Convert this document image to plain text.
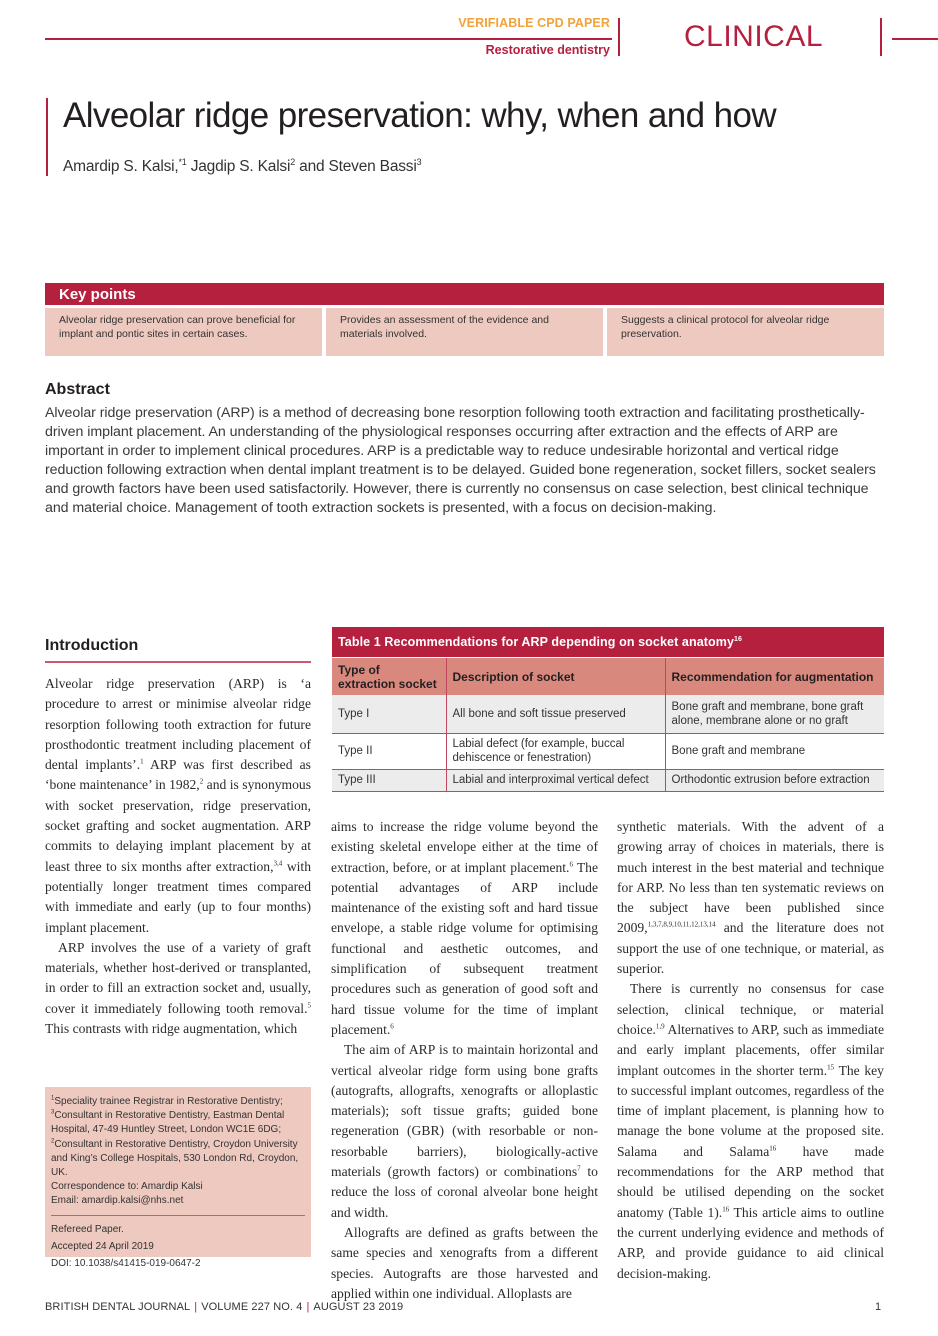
VERIFIABLE CPD PAPER
Restorative dentistry CLINICAL
Alveolar ridge preservation: why, when and how
Amardip S. Kalsi,$^{*1}$ Jagdip S. Kalsi$^2$ and Steven Bassi$^3$
Key points
Alveolar ridge preservation can prove beneficial for implant and pontic sites in certain cases.
Provides an assessment of the evidence and materials involved.
Suggests a clinical protocol for alveolar ridge preservation.
Abstract

Alveolar ridge preservation (ARP) is a method of decreasing bone resorption following tooth extraction and facilitating prosthetically-driven implant placement. An understanding of the physiological responses occurring after extraction and the effects of ARP are important in order to implement clinical procedures. ARP is a predictable way to reduce undesirable horizontal and vertical ridge reduction following extraction when dental implant treatment is to be delayed. Guided bone regeneration, socket fillers, socket sealers and growth factors have been used satisfactorily. However, there is currently no consensus on case selection, best clinical technique and material choice. Management of tooth extraction sockets is presented, with a focus on decision-making.

Introduction

Alveolar ridge preservation (ARP) is ‘a procedure to arrest or minimise alveolar ridge resorption following tooth extraction for future prosthodontic treatment including placement of dental implants’.$^1$ ARP was first described as ‘bone maintenance’ in 1982,$^2$ and is synonymous with socket preservation, ridge preservation, socket grafting and socket augmentation. ARP commits to delaying implant placement by at least three to six months after extraction,$^{3,4}$ with potentially longer treatment times compared with immediate and early (up to four months) implant placement.

ARP involves the use of a variety of graft materials, whether host-derived or transplanted, in order to fill an extraction socket and, usually, cover it immediately following tooth removal.$^5$ This contrasts with ridge augmentation, which

$^1$Speciality trainee Registrar in Restorative Dentistry;
$^3$Consultant in Restorative Dentistry, Eastman Dental Hospital, 47-49 Huntley Street, London WC1E 6DG;
$^2$Consultant in Restorative Dentistry, Croydon University and King’s College Hospitals, 530 London Rd, Croydon, UK.
Correspondence to: Amardip Kalsi
Email: amardip.kalsi@nhs.net
Refereed Paper.
Accepted 24 April 2019
DOI: 10.1038/s41415-019-0647-2
Table 1 Recommendations for ARP depending on socket anatomy$^{16}$
Type of extraction socket	Description of socket	Recommendation for augmentation
Type I	All bone and soft tissue preserved	Bone graft and membrane, bone graft alone, membrane alone or no graft
Type II	Labial defect (for example, buccal dehiscence or fenestration)	Bone graft and membrane
Type III	Labial and interproximal vertical defect	Orthodontic extrusion before extraction

aims to increase the ridge volume beyond the existing skeletal envelope either at the time of extraction, before, or at implant placement.$^6$ The potential advantages of ARP include maintenance of the existing soft and hard tissue envelope, a stable ridge volume for optimising functional and aesthetic outcomes, and simplification of subsequent treatment procedures such as generation of good soft and hard tissue volume for the time of implant placement.$^6$

The aim of ARP is to maintain horizontal and vertical alveolar ridge form using bone grafts (autografts, allografts, xenografts or alloplastic materials); soft tissue grafts; guided bone regeneration (GBR) (with resorbable or non-resorbable barriers), biologically-active materials (growth factors) or combinations$^7$ to reduce the loss of coronal alveolar bone height and width.

Allografts are defined as grafts between the same species and xenografts from a different species. Autografts are those harvested and applied within one individual. Alloplasts are

synthetic materials. With the advent of a growing array of choices in materials, there is much interest in the best material and technique for ARP. No less than ten systematic reviews on the subject have been published since 2009,$^{1,3,7,8,9,10,11,12,13,14}$ and the literature does not support the use of one technique, or material, as superior.

There is currently no consensus for case selection, clinical technique, or material choice.$^{1,9}$ Alternatives to ARP, such as immediate and early implant placements, offer similar implant outcomes in the shorter term.$^{15}$ The key to successful implant outcomes, regardless of the time of implant placement, is planning how to manage the bone volume at the proposed site. Salama and Salama$^{16}$ have made recommendations for the ARP method that should be utilised depending on the socket anatomy (Table 1).$^{16}$ This article aims to outline the current underlying evidence and methods of ARP, and provide guidance to aid clinical decision-making.

BRITISH DENTAL JOURNAL | VOLUME 227 NO. 4 | AUGUST 23 2019	1
